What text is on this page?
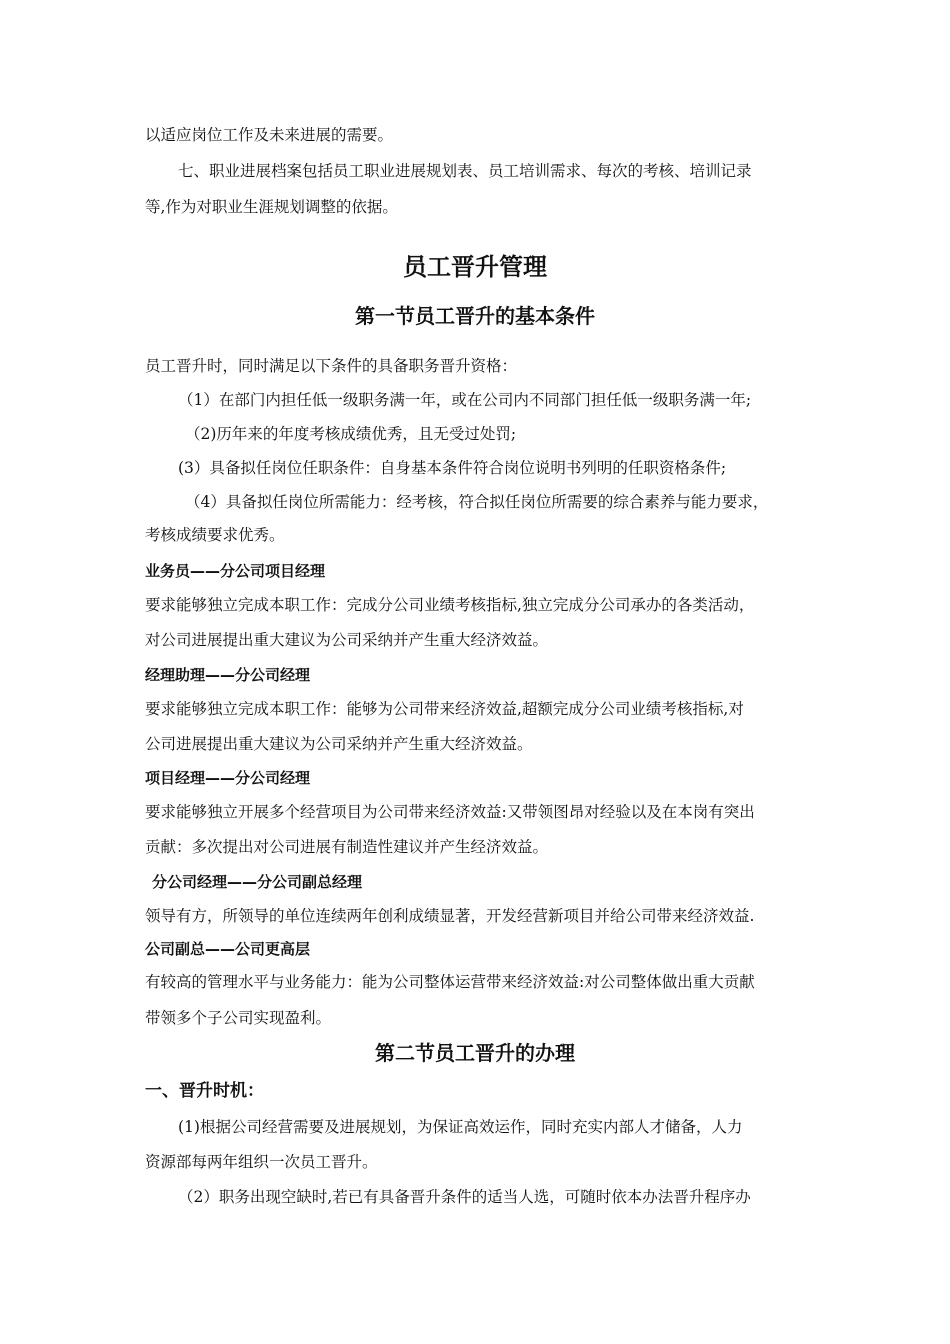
以适应岗位工作及未来进展的需要。
七、职业进展档案包括员工职业进展规划表、员工培训需求、每次的考核、培训记录
等,作为对职业生涯规划调整的依据。
员工晋升管理
第一节员工晋升的基本条件
员工晋升时，同时满足以下条件的具备职务晋升资格：
（1）在部门内担任低一级职务满一年，或在公司内不同部门担任低一级职务满一年;
（2)历年来的年度考核成绩优秀，且无受过处罚;
(3）具备拟任岗位任职条件：自身基本条件符合岗位说明书列明的任职资格条件;
（4）具备拟任岗位所需能力：经考核，符合拟任岗位所需要的综合素养与能力要求，
考核成绩要求优秀。
业务员——分公司项目经理
要求能够独立完成本职工作：完成分公司业绩考核指标,独立完成分公司承办的各类活动，
对公司进展提出重大建议为公司采纳并产生重大经济效益。
经理助理——分公司经理
要求能够独立完成本职工作：能够为公司带来经济效益,超额完成分公司业绩考核指标,对
公司进展提出重大建议为公司采纳并产生重大经济效益。
项目经理——分公司经理
要求能够独立开展多个经营项目为公司带来经济效益:又带领图昂对经验以及在本岗有突出
贡献：多次提出对公司进展有制造性建议并产生经济效益。
分公司经理——分公司副总经理
领导有方，所领导的单位连续两年创利成绩显著，开发经营新项目并给公司带来经济效益.
公司副总——公司更高层
有较高的管理水平与业务能力：能为公司整体运营带来经济效益:对公司整体做出重大贡献
带领多个子公司实现盈利。
第二节员工晋升的办理
一、晋升时机：
(1)根据公司经营需要及进展规划，为保证高效运作，同时充实内部人才储备，人力
资源部每两年组织一次员工晋升。
（2）职务出现空缺时,若已有具备晋升条件的适当人选，可随时依本办法晋升程序办
